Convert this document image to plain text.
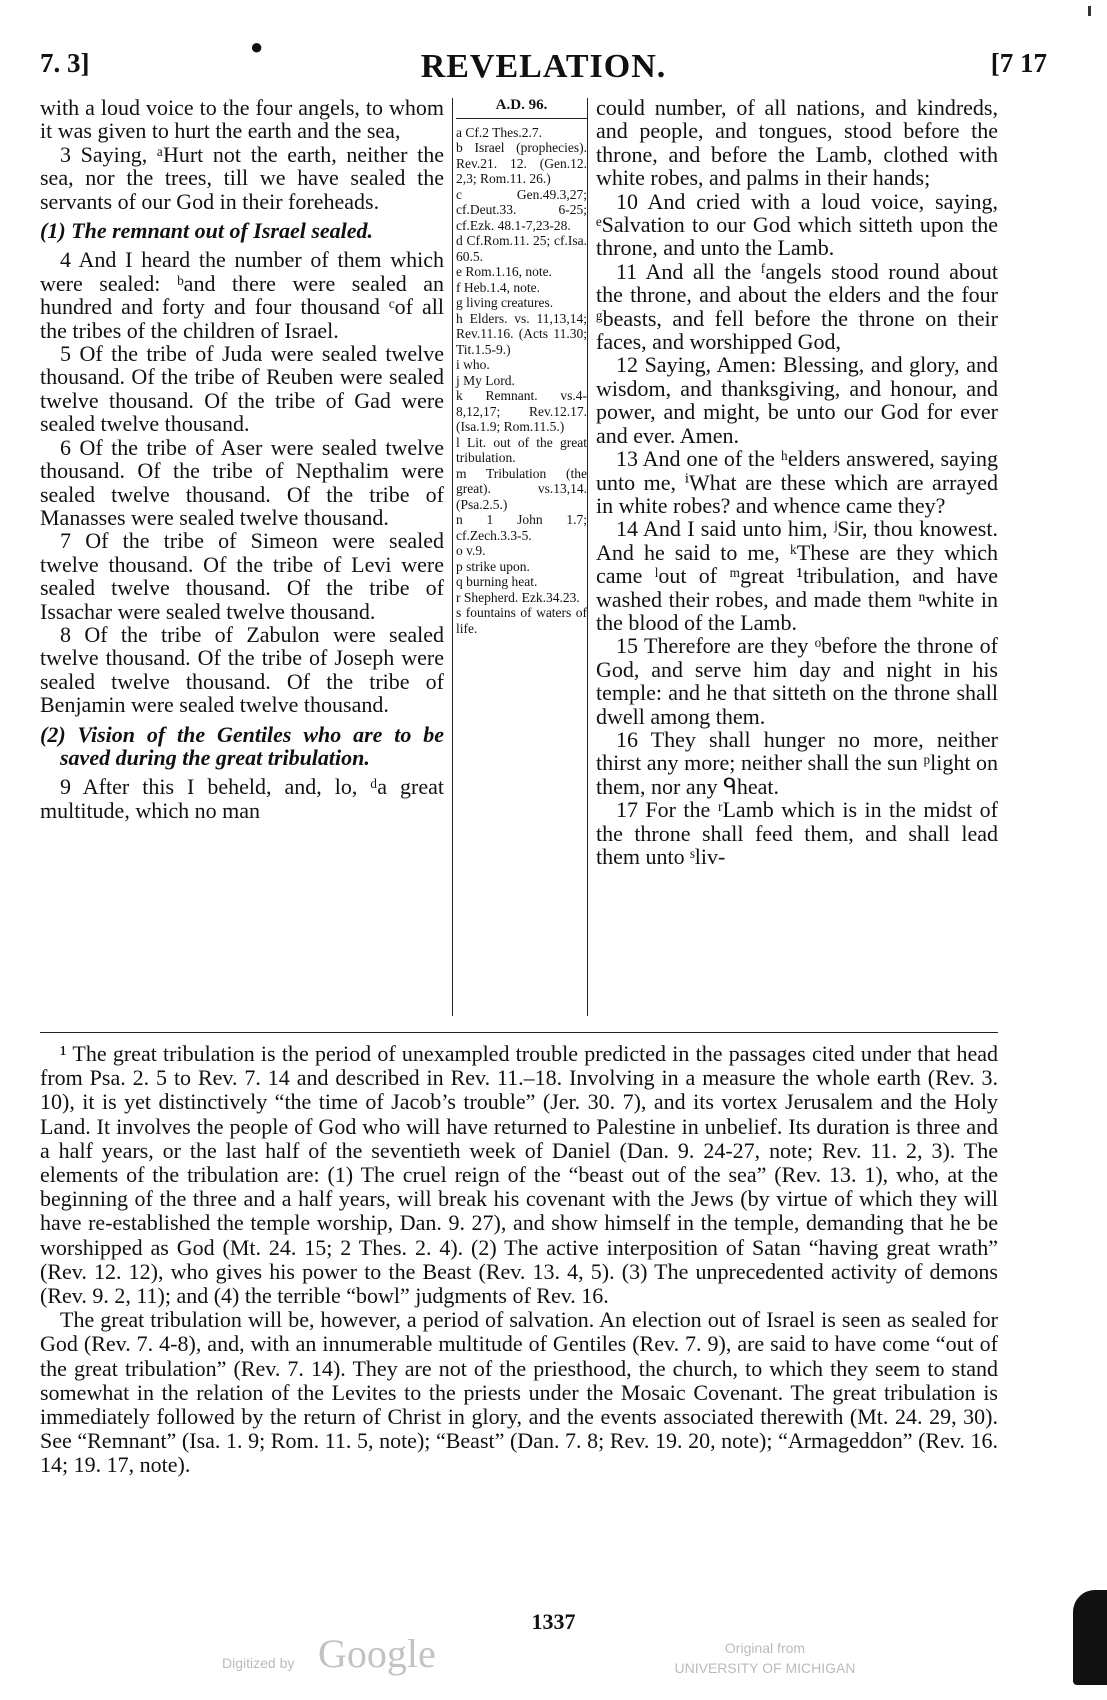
7. 3]
●
REVELATION.	[7 17

with a loud voice to the four angels, to whom it was given to hurt the earth and the sea,

3 Saying, ᵃHurt not the earth, neither the sea, nor the trees, till we have sealed the servants of our God in their foreheads.

(1) The remnant out of Israel sealed.

4 And I heard the number of them which were sealed: ᵇand there were sealed an hundred and forty and four thousand ᶜof all the tribes of the children of Israel.

5 Of the tribe of Juda were sealed twelve thousand. Of the tribe of Reuben were sealed twelve thousand. Of the tribe of Gad were sealed twelve thousand.

6 Of the tribe of Aser were sealed twelve thousand. Of the tribe of Nepthalim were sealed twelve thousand. Of the tribe of Manasses were sealed twelve thousand.

7 Of the tribe of Simeon were sealed twelve thousand. Of the tribe of Levi were sealed twelve thousand. Of the tribe of Issachar were sealed twelve thousand.

8 Of the tribe of Zabulon were sealed twelve thousand. Of the tribe of Joseph were sealed twelve thousand. Of the tribe of Benjamin were sealed twelve thousand.

(2) Vision of the Gentiles who are to be saved during the great tribulation.

9 After this I beheld, and, lo, ᵈa great multitude, which no man

A.D. 96.

a Cf.2 Thes.2.7.

b Israel (prophecies). Rev.21. 12. (Gen.12. 2,3; Rom.11. 26.)

c Gen.49.3,27; cf.Deut.33. 6-25; cf.Ezk. 48.1-7,23-28.

d Cf.Rom.11. 25; cf.Isa. 60.5.

e Rom.1.16, note.

f Heb.1.4, note.

g living creatures.

h Elders. vs. 11,13,14; Rev.11.16. (Acts 11.30; Tit.1.5-9.)

i who.

j My Lord.

k Remnant. vs.4-8,12,17; Rev.12.17. (Isa.1.9; Rom.11.5.)

l Lit. out of the great tribulation.

m Tribulation (the great). vs.13,14. (Psa.2.5.)

n 1 John 1.7; cf.Zech.3.3-5.

o v.9.

p strike upon.

q burning heat.

r Shepherd. Ezk.34.23.

s fountains of waters of life.

could number, of all nations, and kindreds, and people, and tongues, stood before the throne, and before the Lamb, clothed with white robes, and palms in their hands;

10 And cried with a loud voice, saying, ᵉSalvation to our God which sitteth upon the throne, and unto the Lamb.

11 And all the ᶠangels stood round about the throne, and about the elders and the four ᵍbeasts, and fell before the throne on their faces, and worshipped God,

12 Saying, Amen: Blessing, and glory, and wisdom, and thanksgiving, and honour, and power, and might, be unto our God for ever and ever. Amen.

13 And one of the ʰelders answered, saying unto me, ⁱWhat are these which are arrayed in white robes? and whence came they?

14 And I said unto him, ʲSir, thou knowest. And he said to me, ᵏThese are they which came ˡout of ᵐgreat ¹tribulation, and have washed their robes, and made them ⁿwhite in the blood of the Lamb.

15 Therefore are they ᵒbefore the throne of God, and serve him day and night in his temple: and he that sitteth on the throne shall dwell among them.

16 They shall hunger no more, neither thirst any more; neither shall the sun ᵖlight on them, nor any ᑫheat.

17 For the ʳLamb which is in the midst of the throne shall feed them, and shall lead them unto ˢliv-

¹ The great tribulation is the period of unexampled trouble predicted in the passages cited under that head from Psa. 2. 5 to Rev. 7. 14 and described in Rev. 11.–18. Involving in a measure the whole earth (Rev. 3. 10), it is yet distinctively “the time of Jacob’s trouble” (Jer. 30. 7), and its vortex Jerusalem and the Holy Land. It involves the people of God who will have returned to Palestine in unbelief. Its duration is three and a half years, or the last half of the seventieth week of Daniel (Dan. 9. 24-27, note; Rev. 11. 2, 3). The elements of the tribulation are: (1) The cruel reign of the “beast out of the sea” (Rev. 13. 1), who, at the beginning of the three and a half years, will break his covenant with the Jews (by virtue of which they will have re-established the temple worship, Dan. 9. 27), and show himself in the temple, demanding that he be worshipped as God (Mt. 24. 15; 2 Thes. 2. 4). (2) The active interposition of Satan “having great wrath” (Rev. 12. 12), who gives his power to the Beast (Rev. 13. 4, 5). (3) The unprecedented activity of demons (Rev. 9. 2, 11); and (4) the terrible “bowl” judgments of Rev. 16.

The great tribulation will be, however, a period of salvation. An election out of Israel is seen as sealed for God (Rev. 7. 4-8), and, with an innumerable multitude of Gentiles (Rev. 7. 9), are said to have come “out of the great tribulation” (Rev. 7. 14). They are not of the priesthood, the church, to which they seem to stand somewhat in the relation of the Levites to the priests under the Mosaic Covenant. The great tribulation is immediately followed by the return of Christ in glory, and the events associated therewith (Mt. 24. 29, 30). See “Remnant” (Isa. 1. 9; Rom. 11. 5, note); “Beast” (Dan. 7. 8; Rev. 19. 20, note); “Armageddon” (Rev. 16. 14; 19. 17, note).

1337
Digitized by Google	Original from
UNIVERSITY OF MICHIGAN
